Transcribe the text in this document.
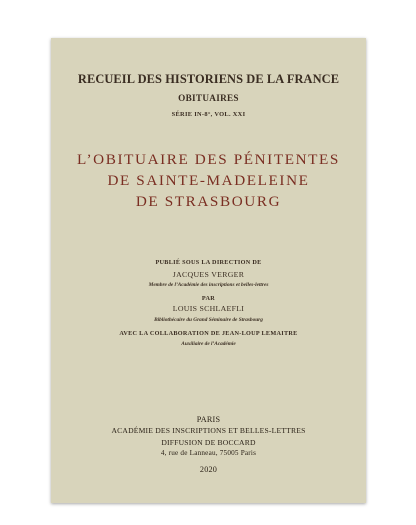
RECUEIL DES HISTORIENS DE LA FRANCE
OBITUAIRES
SÉRIE IN-8°, VOL. XXI
L’OBITUAIRE DES PÉNITENTES
DE SAINTE-MADELEINE
DE STRASBOURG
PUBLIÉ SOUS LA DIRECTION DE
JACQUES VERGER
Membre de l’Académie des inscriptions et belles-lettres
PAR
LOUIS SCHLAEFLI
Bibliothécaire du Grand Séminaire de Strasbourg
AVEC LA COLLABORATION DE JEAN-LOUP LEMAITRE
Auxiliaire de l’Académie
PARIS
ACADÉMIE DES INSCRIPTIONS ET BELLES-LETTRES
DIFFUSION DE BOCCARD
4, rue de Lanneau, 75005 Paris
2020
